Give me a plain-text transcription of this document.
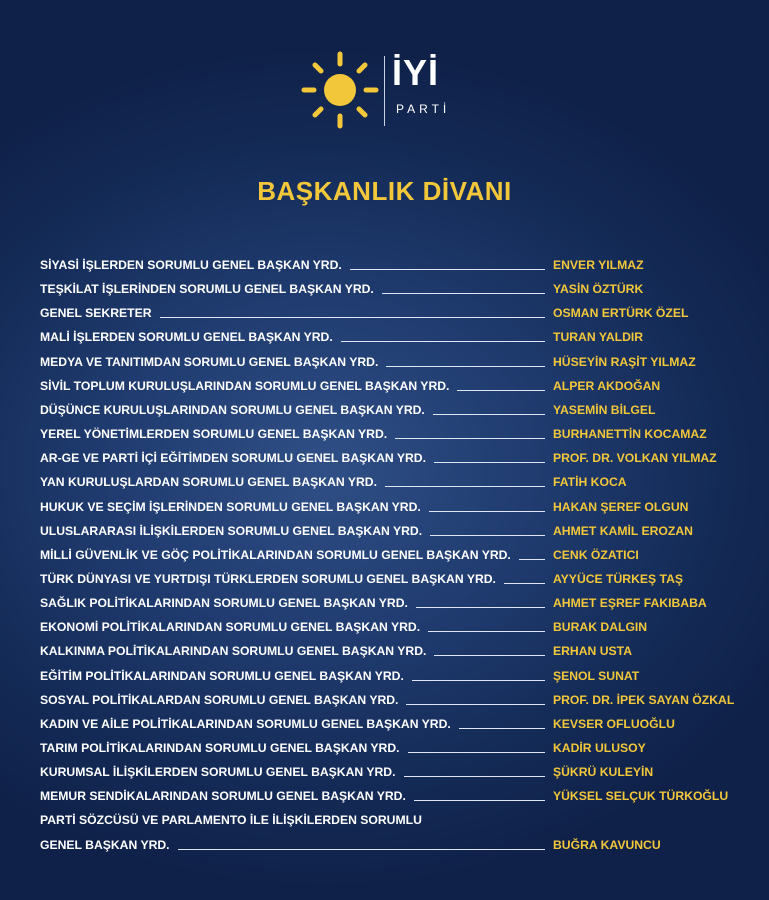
İYİ
PARTİ
BAŞKANLIK DİVANI
SİYASİ İŞLERDEN SORUMLU GENEL BAŞKAN YRD.	ENVER YILMAZ
TEŞKİLAT İŞLERİNDEN SORUMLU GENEL BAŞKAN YRD.	YASİN ÖZTÜRK
GENEL SEKRETER	OSMAN ERTÜRK ÖZEL
MALİ İŞLERDEN SORUMLU GENEL BAŞKAN YRD.	TURAN YALDIR
MEDYA VE TANITIMDAN SORUMLU GENEL BAŞKAN YRD.	HÜSEYİN RAŞİT YILMAZ
SİVİL TOPLUM KURULUŞLARINDAN SORUMLU GENEL BAŞKAN YRD.	ALPER AKDOĞAN
DÜŞÜNCE KURULUŞLARINDAN SORUMLU GENEL BAŞKAN YRD.	YASEMİN BİLGEL
YEREL YÖNETİMLERDEN SORUMLU GENEL BAŞKAN YRD.	BURHANETTİN KOCAMAZ
AR-GE VE PARTİ İÇİ EĞİTİMDEN SORUMLU GENEL BAŞKAN YRD.	PROF. DR. VOLKAN YILMAZ
YAN KURULUŞLARDAN SORUMLU GENEL BAŞKAN YRD.	FATİH KOCA
HUKUK VE SEÇİM İŞLERİNDEN SORUMLU GENEL BAŞKAN YRD.	HAKAN ŞEREF OLGUN
ULUSLARARASI İLİŞKİLERDEN SORUMLU GENEL BAŞKAN YRD.	AHMET KAMİL EROZAN
MİLLİ GÜVENLİK VE GÖÇ POLİTİKALARINDAN SORUMLU GENEL BAŞKAN YRD.	CENK ÖZATICI
TÜRK DÜNYASI VE YURTDIŞI TÜRKLERDEN SORUMLU GENEL BAŞKAN YRD.	AYYÜCE TÜRKEŞ TAŞ
SAĞLIK POLİTİKALARINDAN SORUMLU GENEL BAŞKAN YRD.	AHMET EŞREF FAKIBABA
EKONOMİ POLİTİKALARINDAN SORUMLU GENEL BAŞKAN YRD.	BURAK DALGIN
KALKINMA POLİTİKALARINDAN SORUMLU GENEL BAŞKAN YRD.	ERHAN USTA
EĞİTİM POLİTİKALARINDAN SORUMLU GENEL BAŞKAN YRD.	ŞENOL SUNAT
SOSYAL POLİTİKALARDAN SORUMLU GENEL BAŞKAN YRD.	PROF. DR. İPEK SAYAN ÖZKAL
KADIN VE AİLE POLİTİKALARINDAN SORUMLU GENEL BAŞKAN YRD.	KEVSER OFLUOĞLU
TARIM POLİTİKALARINDAN SORUMLU GENEL BAŞKAN YRD.	KADİR ULUSOY
KURUMSAL İLİŞKİLERDEN SORUMLU GENEL BAŞKAN YRD.	ŞÜKRÜ KULEYİN
MEMUR SENDİKALARINDAN SORUMLU GENEL BAŞKAN YRD.	YÜKSEL SELÇUK TÜRKOĞLU
PARTİ SÖZCÜSÜ VE PARLAMENTO İLE İLİŞKİLERDEN SORUMLU
GENEL BAŞKAN YRD.	BUĞRA KAVUNCU
